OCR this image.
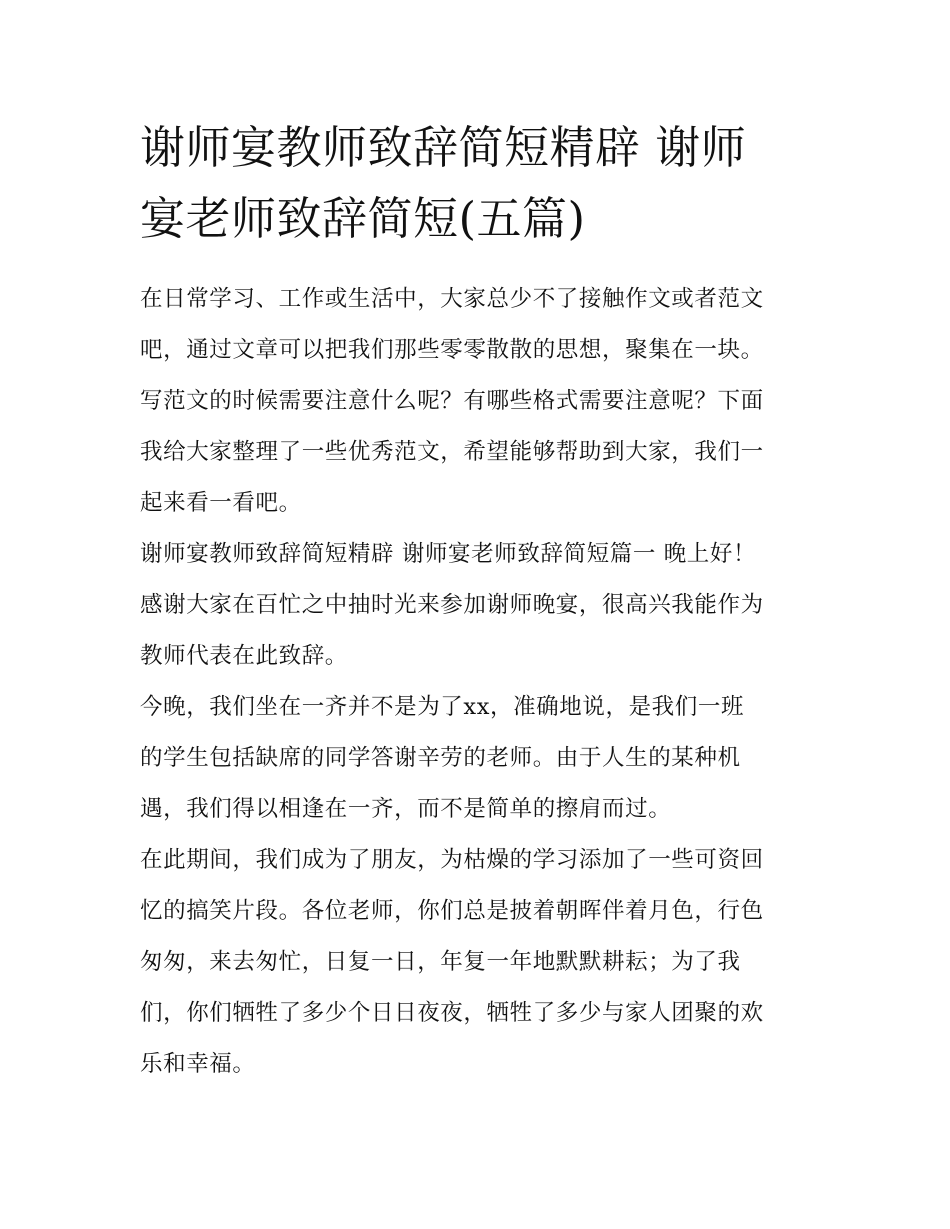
谢师宴教师致辞简短精辟 谢师
宴老师致辞简短(五篇)

在日常学习、工作或生活中，大家总少不了接触作文或者范文
吧，通过文章可以把我们那些零零散散的思想，聚集在一块。
写范文的时候需要注意什么呢？有哪些格式需要注意呢？下面
我给大家整理了一些优秀范文，希望能够帮助到大家，我们一
起来看一看吧。

谢师宴教师致辞简短精辟 谢师宴老师致辞简短篇一 晚上好！
感谢大家在百忙之中抽时光来参加谢师晚宴，很高兴我能作为
教师代表在此致辞。

今晚，我们坐在一齐并不是为了xx，准确地说，是我们一班
的学生包括缺席的同学答谢辛劳的老师。由于人生的某种机
遇，我们得以相逢在一齐，而不是简单的擦肩而过。

在此期间，我们成为了朋友，为枯燥的学习添加了一些可资回
忆的搞笑片段。各位老师，你们总是披着朝晖伴着月色，行色
匆匆，来去匆忙，日复一日，年复一年地默默耕耘；为了我
们，你们牺牲了多少个日日夜夜，牺牲了多少与家人团聚的欢
乐和幸福。
